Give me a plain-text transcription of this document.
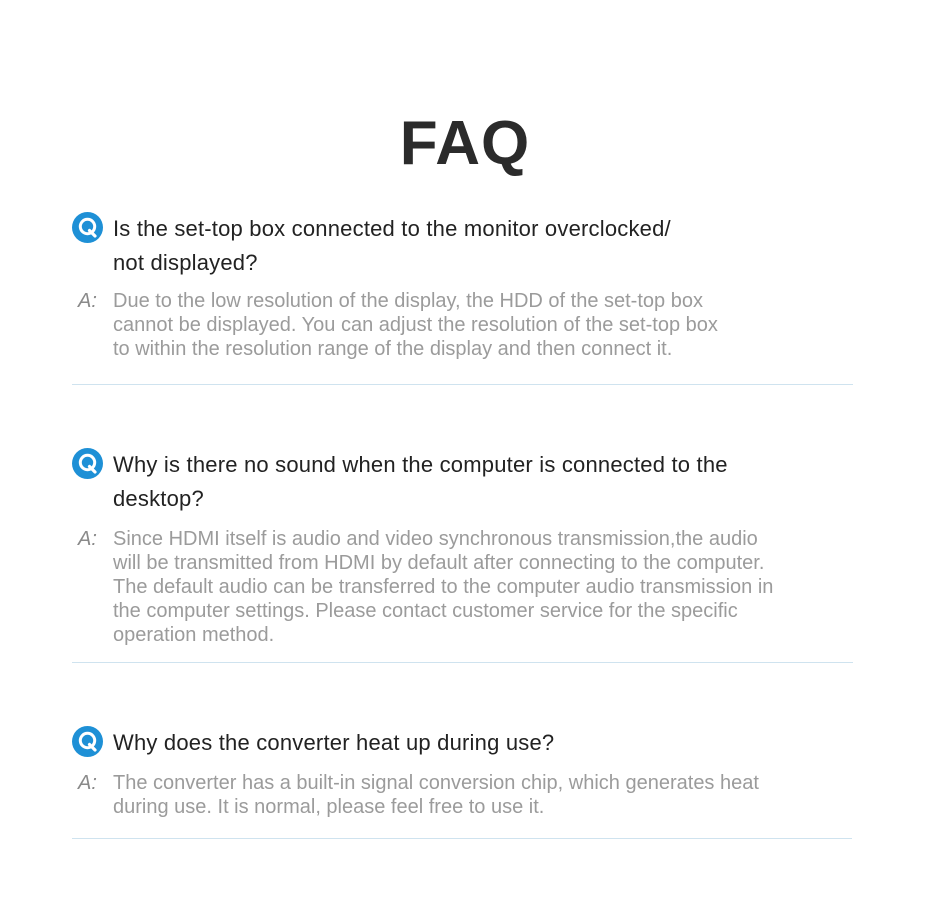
FAQ
Is the set-top box connected to the monitor overclocked/
not displayed?
A: Due to the low resolution of the display, the HDD of the set-top box

cannot be displayed. You can adjust the resolution of the set-top box

to within the resolution range of the display and then connect it.

Why is there no sound when the computer is connected to the
desktop?
A: Since HDMI itself is audio and video synchronous transmission,the audio

will be transmitted from HDMI by default after connecting to the computer.

The default audio can be transferred to the computer audio transmission in

the computer settings. Please contact customer service for the specific

operation method.

Why does the converter heat up during use?
A: The converter has a built-in signal conversion chip, which generates heat

during use. It is normal, please feel free to use it.
